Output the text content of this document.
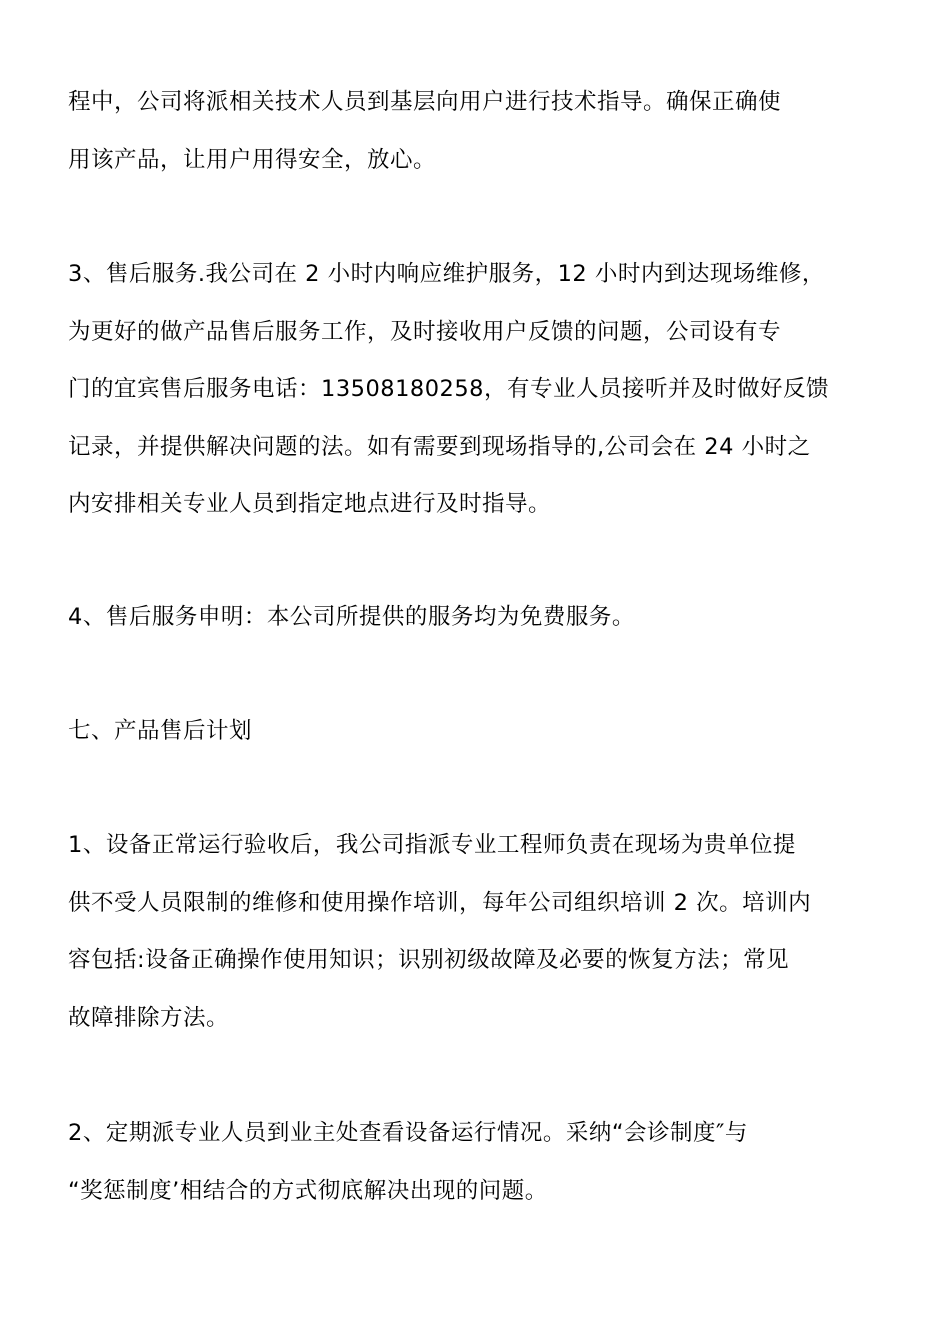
程中，公司将派相关技术人员到基层向用户进行技术指导。确保正确使
用该产品，让用户用得安全，放心。
3、售后服务.我公司在 2 小时内响应维护服务，12 小时内到达现场维修，
为更好的做产品售后服务工作，及时接收用户反馈的问题，公司设有专
门的宜宾售后服务电话：13508180258，有专业人员接听并及时做好反馈
记录，并提供解决问题的法。如有需要到现场指导的,公司会在 24 小时之
内安排相关专业人员到指定地点进行及时指导。
4、售后服务申明：本公司所提供的服务均为免费服务。
七、产品售后计划
1、设备正常运行验收后，我公司指派专业工程师负责在现场为贵单位提
供不受人员限制的维修和使用操作培训，每年公司组织培训 2 次。培训内
容包括:设备正确操作使用知识；识别初级故障及必要的恢复方法；常见
故障排除方法。
2、定期派专业人员到业主处查看设备运行情况。采纳“会诊制度″与
“奖惩制度’相结合的方式彻底解决出现的问题。
